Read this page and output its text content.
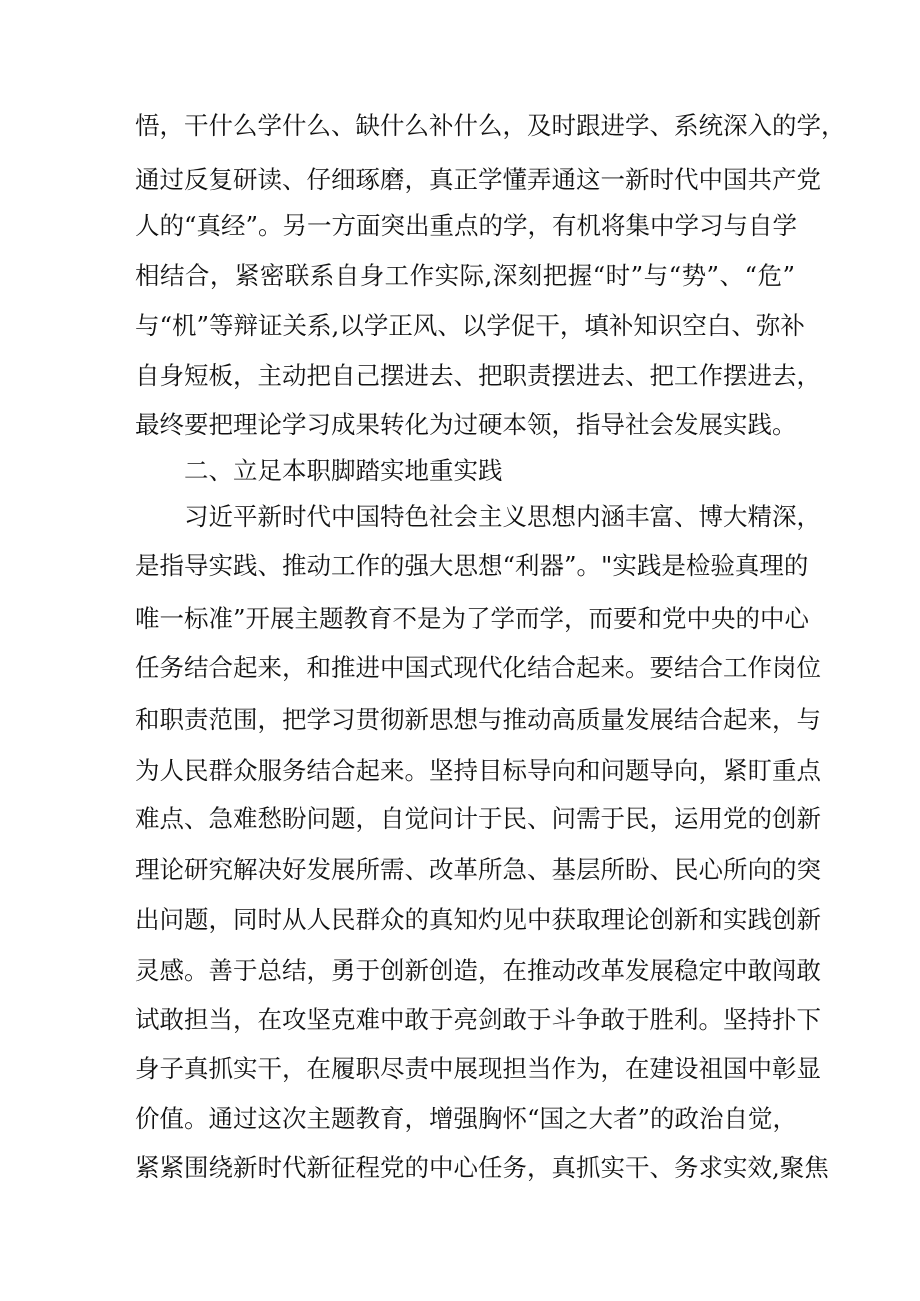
悟，干什么学什么、缺什么补什么，及时跟进学、系统深入的学，
通过反复研读、仔细琢磨，真正学懂弄通这一新时代中国共产党
人的“真经”。另一方面突出重点的学，有机将集中学习与自学
相结合，紧密联系自身工作实际,深刻把握“时”与“势”、“危”
与“机”等辩证关系,以学正风、以学促干，填补知识空白、弥补
自身短板，主动把自己摆进去、把职责摆进去、把工作摆进去，
最终要把理论学习成果转化为过硬本领，指导社会发展实践。
二、立足本职脚踏实地重实践
习近平新时代中国特色社会主义思想内涵丰富、博大精深，
是指导实践、推动工作的强大思想“利器”。"实践是检验真理的
唯一标准”开展主题教育不是为了学而学，而要和党中央的中心
任务结合起来，和推进中国式现代化结合起来。要结合工作岗位
和职责范围，把学习贯彻新思想与推动高质量发展结合起来，与
为人民群众服务结合起来。坚持目标导向和问题导向，紧盯重点
难点、急难愁盼问题，自觉问计于民、问需于民，运用党的创新
理论研究解决好发展所需、改革所急、基层所盼、民心所向的突
出问题，同时从人民群众的真知灼见中获取理论创新和实践创新
灵感。善于总结，勇于创新创造，在推动改革发展稳定中敢闯敢
试敢担当，在攻坚克难中敢于亮剑敢于斗争敢于胜利。坚持扑下
身子真抓实干，在履职尽责中展现担当作为，在建设祖国中彰显
价值。通过这次主题教育，增强胸怀“国之大者”的政治自觉，
紧紧围绕新时代新征程党的中心任务，真抓实干、务求实效,聚焦
